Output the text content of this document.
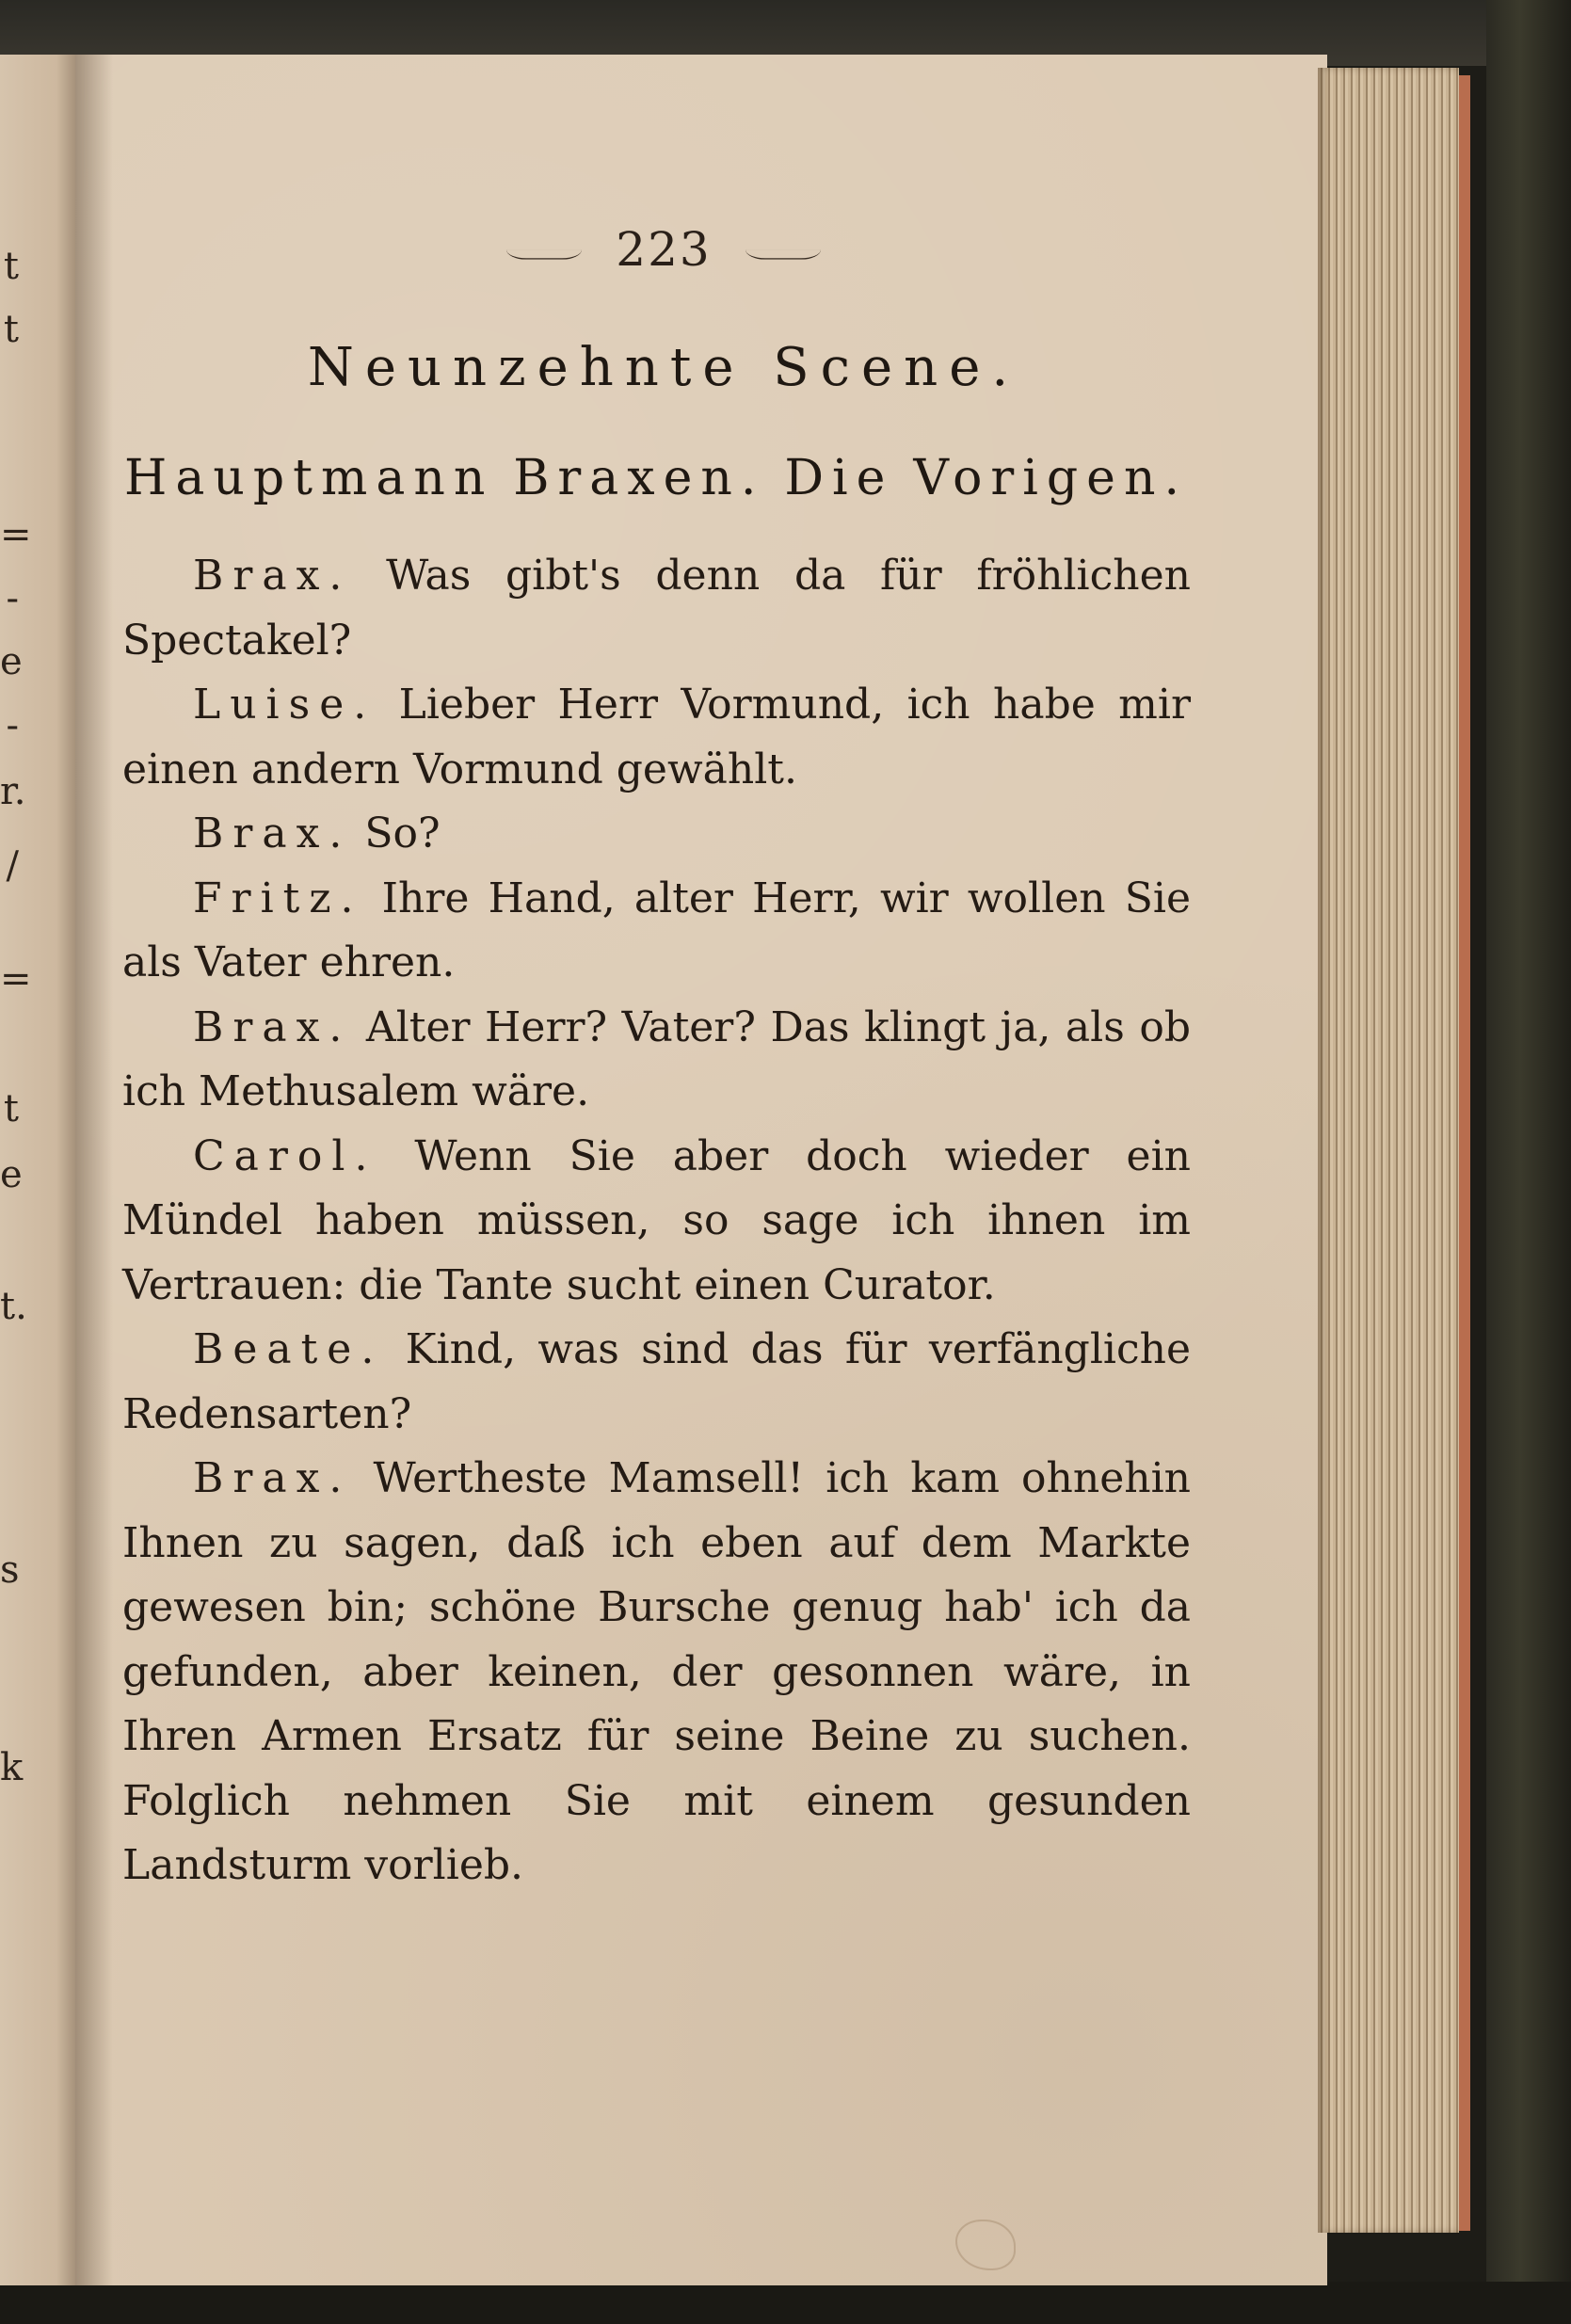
t
t
=
-
e
-
r.
/
=
t
e
t.
s
k
223
Neunzehnte Scene.
Hauptmann Braxen. Die Vorigen.

Brax. Was gibt's denn da für fröhlichen Spectakel?

Luise. Lieber Herr Vormund, ich habe mir einen andern Vormund gewählt.

Brax. So?

Fritz. Ihre Hand, alter Herr, wir wollen Sie als Vater ehren.

Brax. Alter Herr? Vater? Das klingt ja, als ob ich Methusalem wäre.

Carol. Wenn Sie aber doch wieder ein Mündel haben müssen, so sage ich ihnen im Vertrauen: die Tante sucht einen Curator.

Beate. Kind, was sind das für verfängliche Redensarten?

Brax. Wertheste Mamsell! ich kam ohnehin Ihnen zu sagen, daß ich eben auf dem Markte gewesen bin; schöne Bursche genug hab' ich da gefunden, aber keinen, der gesonnen wäre, in Ihren Armen Ersatz für seine Beine zu suchen. Folglich nehmen Sie mit einem gesunden Landsturm vorlieb.
